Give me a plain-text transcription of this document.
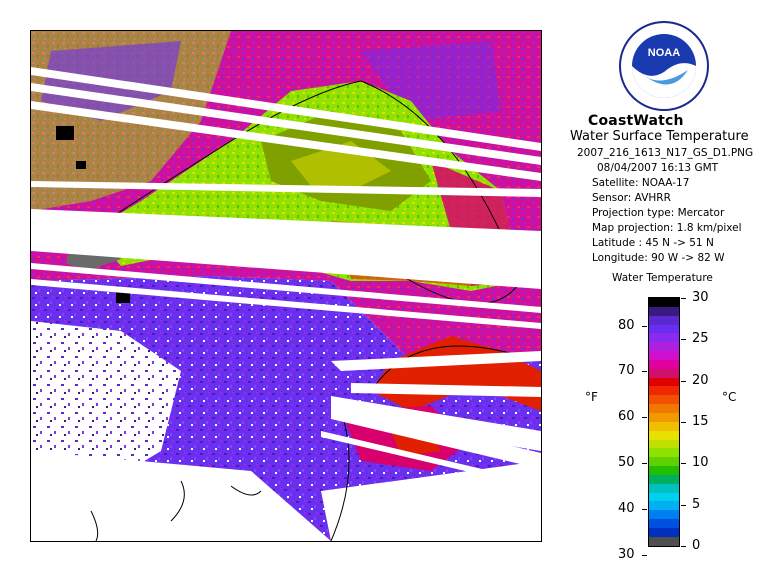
NOAA
CoastWatch
Water Surface Temperature
2007_216_1613_N17_GS_D1.PNG
08/04/2007 16:13 GMT
Satellite: NOAA-17
Sensor: AVHRR
Projection type: Mercator
Map projection: 1.8 km/pixel
Latitude : 45 N -> 51 N
Longitude: 90 W -> 82 W
Water Temperature
°F	°C
80
70
60
50
40
30
30
25
20
15
10
5
0
